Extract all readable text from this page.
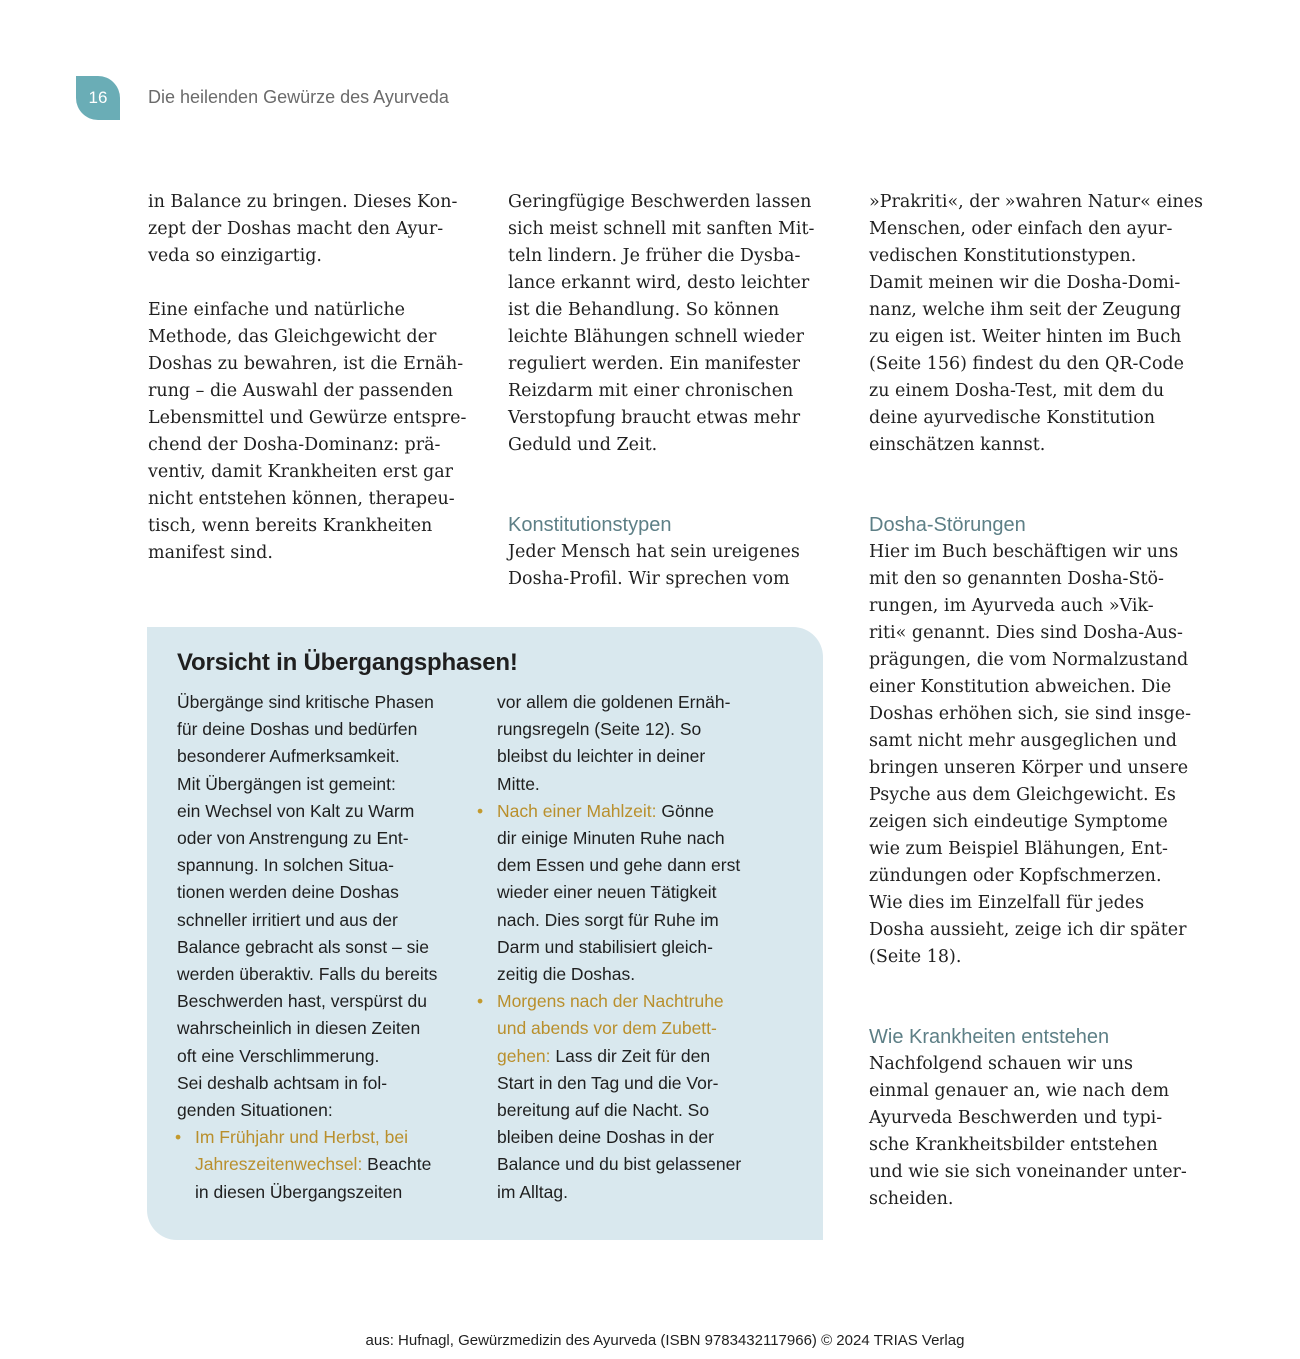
16	Die heilenden Gewürze des Ayurveda

in Balance zu bringen. Dieses Kon-
zept der Doshas macht den Ayur-
veda so einzigartig.

Eine einfache und natürliche
Methode, das Gleichgewicht der
Doshas zu bewahren, ist die Ernäh-
rung – die Auswahl der passenden
Lebensmittel und Gewürze entspre-
chend der Dosha-Dominanz: prä-
ventiv, damit Krankheiten erst gar
nicht entstehen können, therapeu-
tisch, wenn bereits Krankheiten
manifest sind.

Geringfügige Beschwerden lassen
sich meist schnell mit sanften Mit-
teln lindern. Je früher die Dysba-
lance erkannt wird, desto leichter
ist die Behandlung. So können
leichte Blähungen schnell wieder
reguliert werden. Ein manifester
Reizdarm mit einer chronischen
Verstopfung braucht etwas mehr
Geduld und Zeit.

Konstitutionstypen

Jeder Mensch hat sein ureigenes
Dosha-Profil. Wir sprechen vom

»Prakriti«, der »wahren Natur« eines
Menschen, oder einfach den ayur-
vedischen Konstitutionstypen.
Damit meinen wir die Dosha-Domi-
nanz, welche ihm seit der Zeugung
zu eigen ist. Weiter hinten im Buch
(Seite 156) findest du den QR-Code
zu einem Dosha-Test, mit dem du
deine ayurvedische Konstitution
einschätzen kannst.

Dosha-Störungen

Hier im Buch beschäftigen wir uns
mit den so genannten Dosha-Stö-
rungen, im Ayurveda auch »Vik-
riti« genannt. Dies sind Dosha-Aus-
prägungen, die vom Normalzustand
einer Konstitution abweichen. Die
Doshas erhöhen sich, sie sind insge-
samt nicht mehr ausgeglichen und
bringen unseren Körper und unsere
Psyche aus dem Gleichgewicht. Es
zeigen sich eindeutige Symptome
wie zum Beispiel Blähungen, Ent-
zündungen oder Kopfschmerzen.
Wie dies im Einzelfall für jedes
Dosha aussieht, zeige ich dir später
(Seite 18).

Wie Krankheiten entstehen

Nachfolgend schauen wir uns
einmal genauer an, wie nach dem
Ayurveda Beschwerden und typi-
sche Krankheitsbilder entstehen
und wie sie sich voneinander unter-
scheiden.

Vorsicht in Übergangsphasen!
Übergänge sind kritische Phasen
für deine Doshas und bedürfen
besonderer Aufmerksamkeit.
Mit Übergängen ist gemeint:
ein Wechsel von Kalt zu Warm
oder von Anstrengung zu Ent-
spannung. In solchen Situa-
tionen werden deine Doshas
schneller irritiert und aus der
Balance gebracht als sonst – sie
werden überaktiv. Falls du bereits
Beschwerden hast, verspürst du
wahrscheinlich in diesen Zeiten
oft eine Verschlimmerung.
Sei deshalb achtsam in fol-
genden Situationen:
• Im Frühjahr und Herbst, bei
Jahreszeitenwechsel: Beachte
in diesen Übergangszeiten
vor allem die goldenen Ernäh-
rungsregeln (Seite 12). So
bleibst du leichter in deiner
Mitte.
• Nach einer Mahlzeit: Gönne
dir einige Minuten Ruhe nach
dem Essen und gehe dann erst
wieder einer neuen Tätigkeit
nach. Dies sorgt für Ruhe im
Darm und stabilisiert gleich-
zeitig die Doshas.
• Morgens nach der Nachtruhe
und abends vor dem Zubett-
gehen: Lass dir Zeit für den
Start in den Tag und die Vor-
bereitung auf die Nacht. So
bleiben deine Doshas in der
Balance und du bist gelassener
im Alltag.
aus: Hufnagl, Gewürzmedizin des Ayurveda (ISBN 9783432117966) © 2024 TRIAS Verlag
